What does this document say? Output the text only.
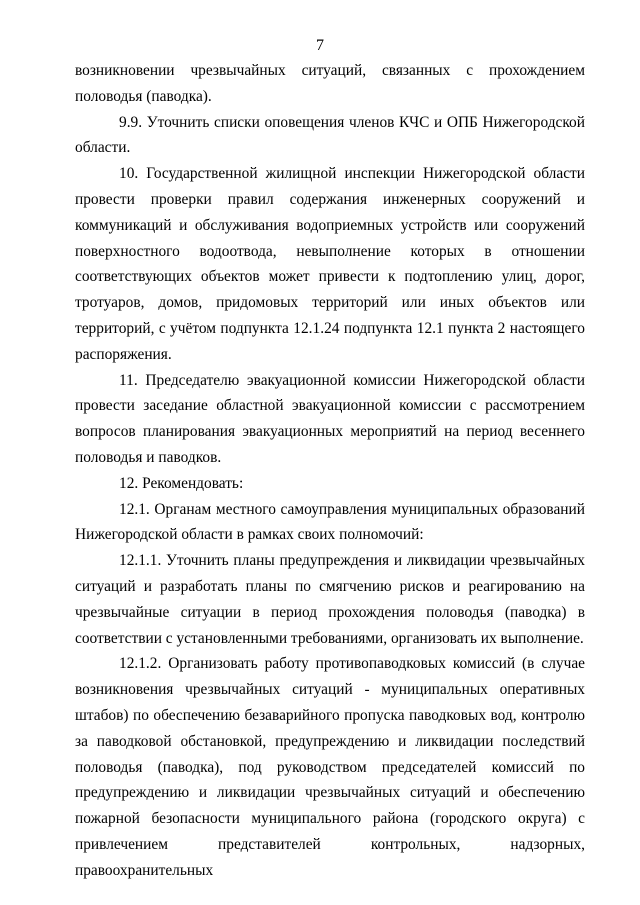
7

возникновении чрезвычайных ситуаций, связанных с прохождением половодья (паводка).

9.9. Уточнить списки оповещения членов КЧС и ОПБ Нижегородской области.

10. Государственной жилищной инспекции Нижегородской области провести проверки правил содержания инженерных сооружений и коммуникаций и обслуживания водоприемных устройств или сооружений поверхностного водоотвода, невыполнение которых в отношении соответствующих объектов может привести к подтоплению улиц, дорог, тротуаров, домов, придомовых территорий или иных объектов или территорий, с учётом подпункта 12.1.24 подпункта 12.1 пункта 2 настоящего распоряжения.

11. Председателю эвакуационной комиссии Нижегородской области провести заседание областной эвакуационной комиссии с рассмотрением вопросов планирования эвакуационных мероприятий на период весеннего половодья и паводков.

12. Рекомендовать:

12.1. Органам местного самоуправления муниципальных образований Нижегородской области в рамках своих полномочий:

12.1.1. Уточнить планы предупреждения и ликвидации чрезвычайных ситуаций и разработать планы по смягчению рисков и реагированию на чрезвычайные ситуации в период прохождения половодья (паводка) в соответствии с установленными требованиями, организовать их выполнение.

12.1.2. Организовать работу противопаводковых комиссий (в случае возникновения чрезвычайных ситуаций - муниципальных оперативных штабов) по обеспечению безаварийного пропуска паводковых вод, контролю за паводковой обстановкой, предупреждению и ликвидации последствий половодья (паводка), под руководством председателей комиссий по предупреждению и ликвидации чрезвычайных ситуаций и обеспечению пожарной безопасности муниципального района (городского округа) с привлечением представителей контрольных, надзорных, правоохранительных
